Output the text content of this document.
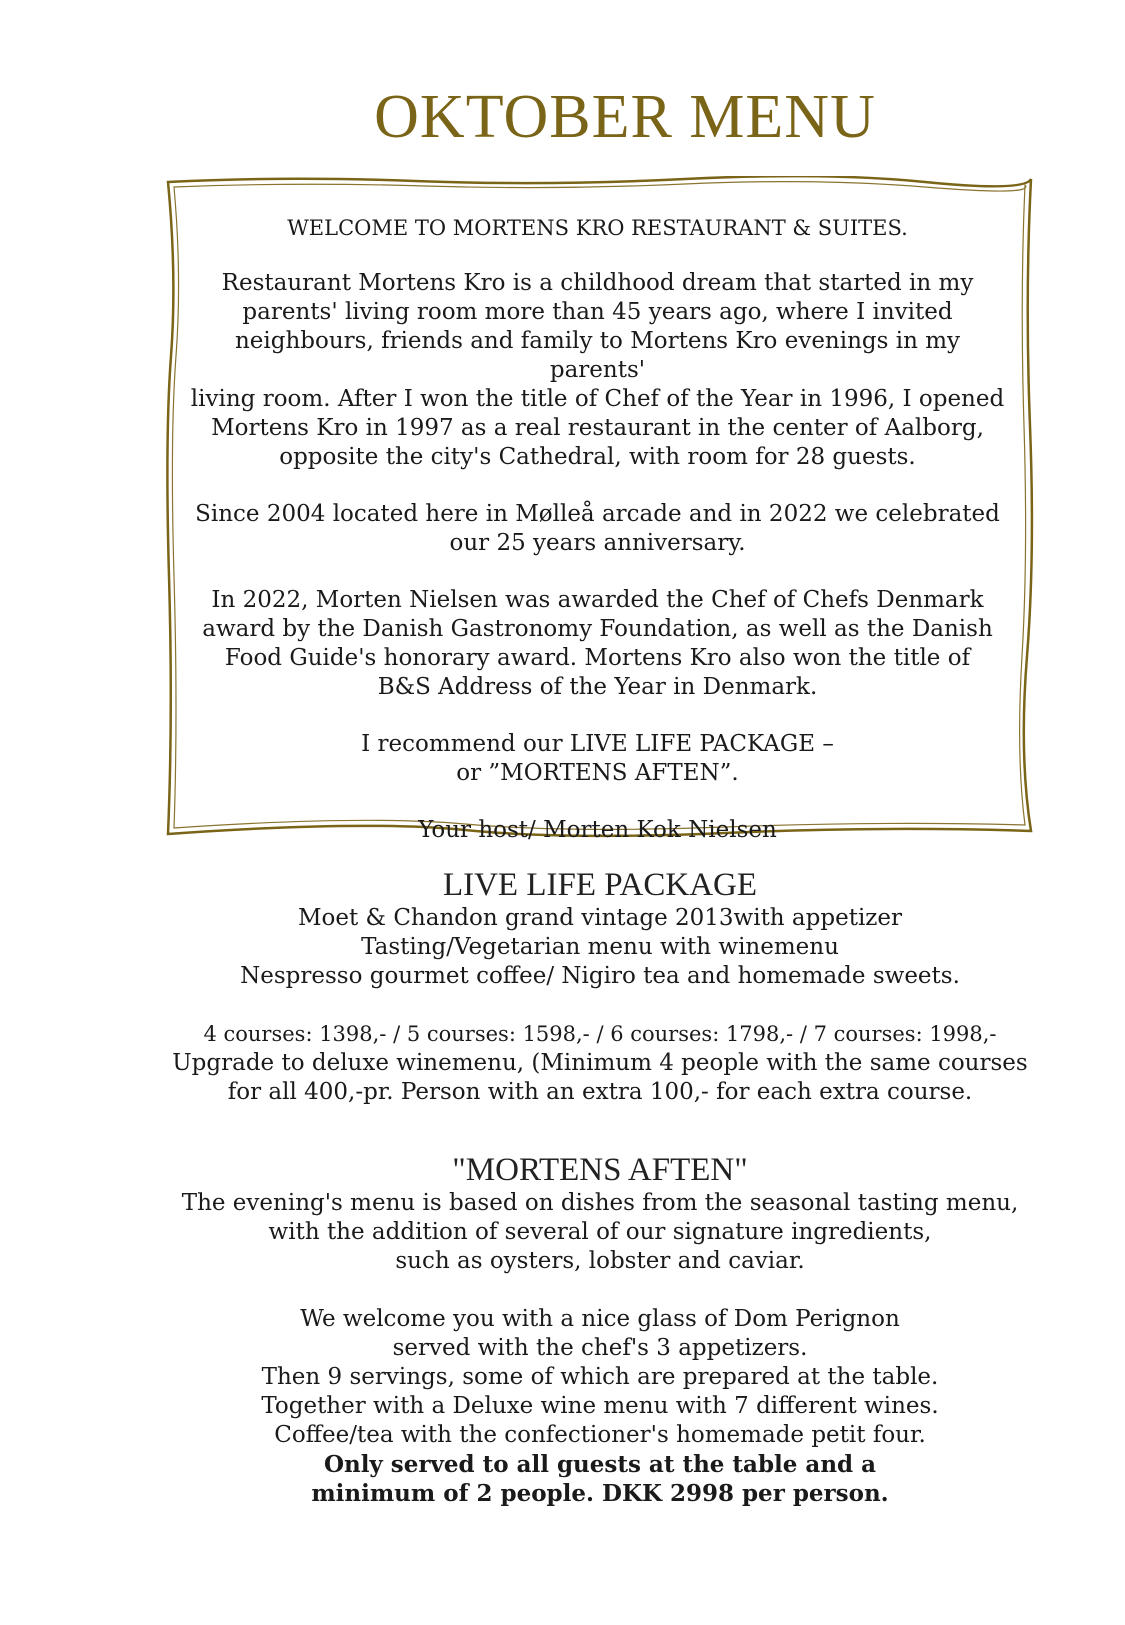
OKTOBER MENU

WELCOME TO MORTENS KRO RESTAURANT & SUITES.

Restaurant Mortens Kro is a childhood dream that started in my
parents' living room more than 45 years ago, where I invited
neighbours, friends and family to Mortens Kro evenings in my parents'
living room. After I won the title of Chef of the Year in 1996, I opened
Mortens Kro in 1997 as a real restaurant in the center of Aalborg,
opposite the city's Cathedral, with room for 28 guests.

Since 2004 located here in Mølleå arcade and in 2022 we celebrated
our 25 years anniversary.

In 2022, Morten Nielsen was awarded the Chef of Chefs Denmark
award by the Danish Gastronomy Foundation, as well as the Danish
Food Guide's honorary award. Mortens Kro also won the title of
B&S Address of the Year in Denmark.

I recommend our LIVE LIFE PACKAGE –
or ”MORTENS AFTEN”.

Your host/ Morten Kok Nielsen

LIVE LIFE PACKAGE
Moet & Chandon grand vintage 2013with appetizer
Tasting/Vegetarian menu with winemenu
Nespresso gourmet coffee/ Nigiro tea and homemade sweets.
4 courses: 1398,- / 5 courses: 1598,- / 6 courses: 1798,- / 7 courses: 1998,-
Upgrade to deluxe winemenu, (Minimum 4 people with the same courses
for all 400,-pr. Person with an extra 100,- for each extra course.
"MORTENS AFTEN"
The evening's menu is based on dishes from the seasonal tasting menu,
with the addition of several of our signature ingredients,
such as oysters, lobster and caviar.
We welcome you with a nice glass of Dom Perignon
served with the chef's 3 appetizers.
Then 9 servings, some of which are prepared at the table.
Together with a Deluxe wine menu with 7 different wines.
Coffee/tea with the confectioner's homemade petit four.
Only served to all guests at the table and a
minimum of 2 people. DKK 2998 per person.
